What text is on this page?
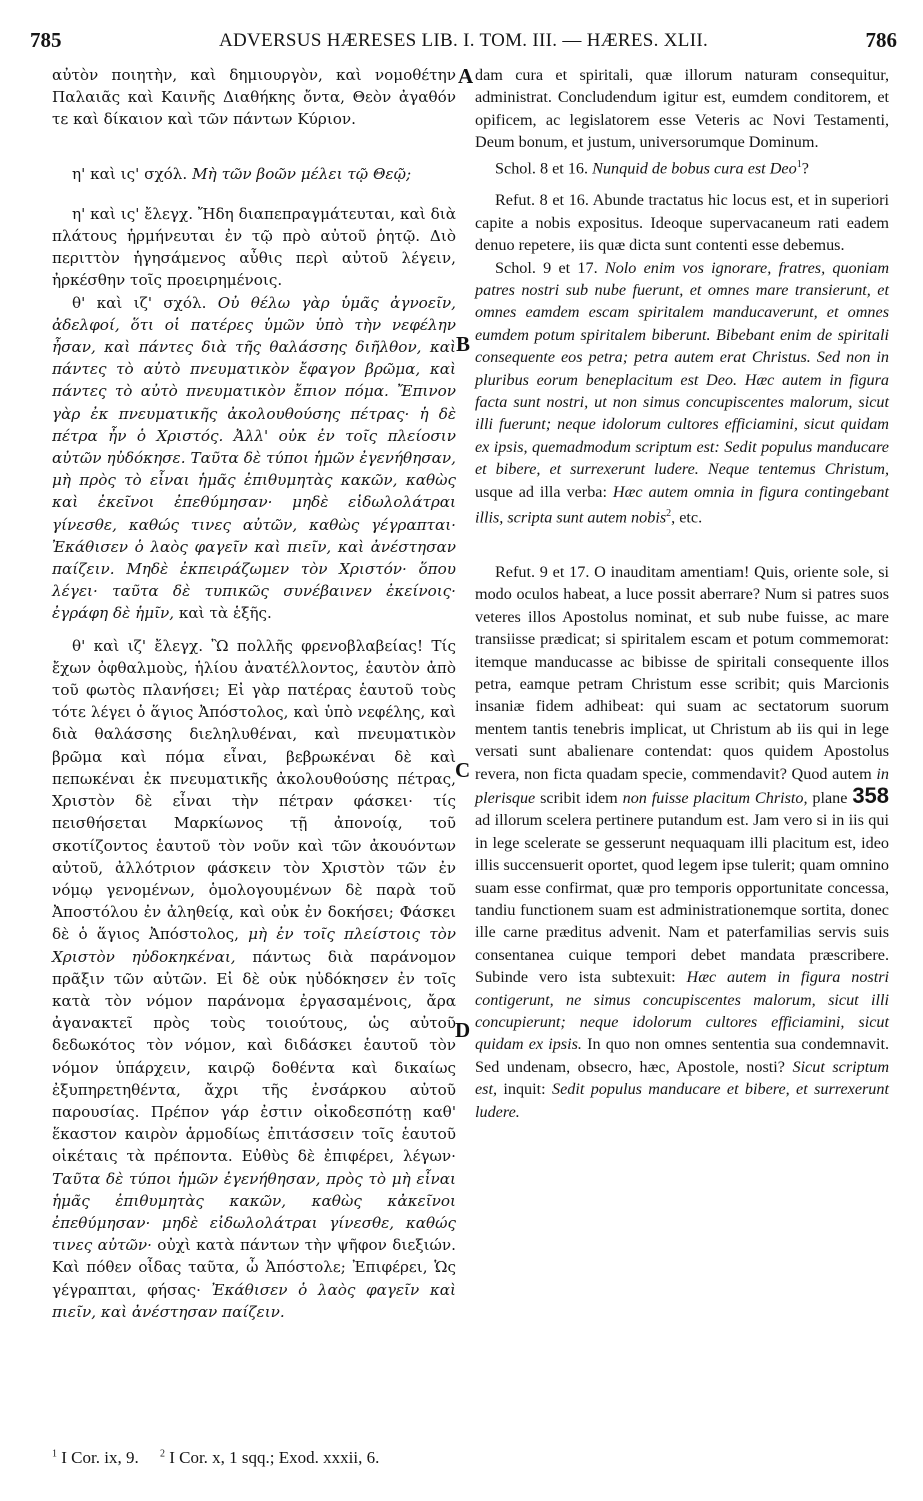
785	ADVERSUS HÆRESES LIB. I. TOM. III. — HÆRES. XLII.	786
A
B
C
D

αὐτὸν ποιητὴν, καὶ δημιουργὸν, καὶ νομοθέτην Παλαιᾶς καὶ Καινῆς Διαθήκης ὄντα, Θεὸν ἀγαθόν τε καὶ δίκαιον καὶ τῶν πάντων Κύριον.

η' καὶ ις' σχόλ. Μὴ τῶν βοῶν μέλει τῷ Θεῷ;

η' καὶ ις' ἔλεγχ. Ἤδη διαπεπραγμάτευται, καὶ διὰ πλάτους ἡρμήνευται ἐν τῷ πρὸ αὐτοῦ ῥητῷ. Διὸ περιττὸν ἡγησάμενος αὖθις περὶ αὐτοῦ λέγειν, ἠρκέσθην τοῖς προειρημένοις.

θ' καὶ ιζ' σχόλ. Οὐ θέλω γὰρ ὑμᾶς ἀγνοεῖν, ἀδελφοί, ὅτι οἱ πατέρες ὑμῶν ὑπὸ τὴν νεφέλην ἦσαν, καὶ πάντες διὰ τῆς θαλάσσης διῆλθον, καὶ πάντες τὸ αὐτὸ πνευματικὸν ἔφαγον βρῶμα, καὶ πάντες τὸ αὐτὸ πνευματικὸν ἔπιον πόμα. Ἔπινον γὰρ ἐκ πνευματικῆς ἀκολουθούσης πέτρας· ἡ δὲ πέτρα ἦν ὁ Χριστός. Ἀλλ' οὐκ ἐν τοῖς πλείοσιν αὐτῶν ηὐδόκησε. Ταῦτα δὲ τύποι ἡμῶν ἐγενήθησαν, μὴ πρὸς τὸ εἶναι ἡμᾶς ἐπιθυμητὰς κακῶν, καθὼς καὶ ἐκεῖνοι ἐπεθύμησαν· μηδὲ εἰδωλολάτραι γίνεσθε, καθώς τινες αὐτῶν, καθὼς γέγραπται· Ἐκάθισεν ὁ λαὸς φαγεῖν καὶ πιεῖν, καὶ ἀνέστησαν παίζειν. Μηδὲ ἐκπειράζωμεν τὸν Χριστόν· ὅπου λέγει· ταῦτα δὲ τυπικῶς συνέβαινεν ἐκείνοις· ἐγράφη δὲ ἡμῖν, καὶ τὰ ἑξῆς.

θ' καὶ ιζ' ἔλεγχ. Ὢ πολλῆς φρενοβλαβείας! Τίς ἔχων ὀφθαλμοὺς, ἡλίου ἀνατέλλοντος, ἑαυτὸν ἀπὸ τοῦ φωτὸς πλανήσει; Εἰ γὰρ πατέρας ἑαυτοῦ τοὺς τότε λέγει ὁ ἅγιος Ἀπόστολος, καὶ ὑπὸ νεφέλης, καὶ διὰ θαλάσσης διεληλυθέναι, καὶ πνευματικὸν βρῶμα καὶ πόμα εἶναι, βεβρωκέναι δὲ καὶ πεπωκέναι ἐκ πνευματικῆς ἀκολουθούσης πέτρας, Χριστὸν δὲ εἶναι τὴν πέτραν φάσκει· τίς πεισθήσεται Μαρκίωνος τῇ ἀπονοίᾳ, τοῦ σκοτίζοντος ἑαυτοῦ τὸν νοῦν καὶ τῶν ἀκουόντων αὐτοῦ, ἀλλότριον φάσκειν τὸν Χριστὸν τῶν ἐν νόμῳ γενομένων, ὁμολογουμένων δὲ παρὰ τοῦ Ἀποστόλου ἐν ἀληθείᾳ, καὶ οὐκ ἐν δοκήσει; Φάσκει δὲ ὁ ἅγιος Ἀπόστολος, μὴ ἐν τοῖς πλείστοις τὸν Χριστὸν ηὐδοκηκέναι, πάντως διὰ παράνομον πρᾶξιν τῶν αὐτῶν. Εἰ δὲ οὐκ ηὐδόκησεν ἐν τοῖς κατὰ τὸν νόμον παράνομα ἐργασαμένοις, ἄρα ἀγανακτεῖ πρὸς τοὺς τοιούτους, ὡς αὐτοῦ δεδωκότος τὸν νόμον, καὶ διδάσκει ἑαυτοῦ τὸν νόμον ὑπάρχειν, καιρῷ δοθέντα καὶ δικαίως ἐξυπηρετηθέντα, ἄχρι τῆς ἐνσάρκου αὐτοῦ παρουσίας. Πρέπον γάρ ἐστιν οἰκοδεσπότῃ καθ' ἕκαστον καιρὸν ἁρμοδίως ἐπιτάσσειν τοῖς ἑαυτοῦ οἰκέταις τὰ πρέποντα. Εὐθὺς δὲ ἐπιφέρει, λέγων· Ταῦτα δὲ τύποι ἡμῶν ἐγενήθησαν, πρὸς τὸ μὴ εἶναι ἡμᾶς ἐπιθυμητὰς κακῶν, καθὼς κἀκεῖνοι ἐπεθύμησαν· μηδὲ εἰδωλολάτραι γίνεσθε, καθώς τινες αὐτῶν· οὐχὶ κατὰ πάντων τὴν ψῆφον διεξιών. Καὶ πόθεν οἶδας ταῦτα, ὦ Ἀπόστολε; Ἐπιφέρει, Ὡς γέγραπται, φήσας· Ἐκάθισεν ὁ λαὸς φαγεῖν καὶ πιεῖν, καὶ ἀνέστησαν παίζειν.

dam cura et spiritali, quæ illorum naturam consequitur, administrat. Concludendum igitur est, eumdem conditorem, et opificem, ac legislatorem esse Veteris ac Novi Testamenti, Deum bonum, et justum, universorumque Dominum.

Schol. 8 et 16. Nunquid de bobus cura est Deo$^1$?

Refut. 8 et 16. Abunde tractatus hic locus est, et in superiori capite a nobis expositus. Ideoque supervacaneum rati eadem denuo repetere, iis quæ dicta sunt contenti esse debemus.

Schol. 9 et 17. Nolo enim vos ignorare, fratres, quoniam patres nostri sub nube fuerunt, et omnes mare transierunt, et omnes eamdem escam spiritalem manducaverunt, et omnes eumdem potum spiritalem biberunt. Bibebant enim de spiritali consequente eos petra; petra autem erat Christus. Sed non in pluribus eorum beneplacitum est Deo. Hæc autem in figura facta sunt nostri, ut non simus concupiscentes malorum, sicut illi fuerunt; neque idolorum cultores efficiamini, sicut quidam ex ipsis, quemadmodum scriptum est: Sedit populus manducare et bibere, et surrexerunt ludere. Neque tentemus Christum, usque ad illa verba: Hæc autem omnia in figura contingebant illis, scripta sunt autem nobis$^2$, etc.

Refut. 9 et 17. O inauditam amentiam! Quis, oriente sole, si modo oculos habeat, a luce possit aberrare? Num si patres suos veteres illos Apostolus nominat, et sub nube fuisse, ac mare transiisse prædicat; si spiritalem escam et potum commemorat: itemque manducasse ac bibisse de spiritali consequente illos petra, eamque petram Christum esse scribit; quis Marcionis insaniæ fidem adhibeat: qui suam ac sectatorum suorum mentem tantis tenebris implicat, ut Christum ab iis qui in lege versati sunt abalienare contendat: quos quidem Apostolus revera, non ficta quadam specie, commendavit? Quod autem in plerisque scribit idem non fuisse placitum Christo, plane 358 ad illorum scelera pertinere putandum est. Jam vero si in iis qui in lege scelerate se gesserunt nequaquam illi placitum est, ideo illis succensuerit oportet, quod legem ipse tulerit; quam omnino suam esse confirmat, quæ pro temporis opportunitate concessa, tandiu functionem suam est administrationemque sortita, donec ille carne præditus advenit. Nam et paterfamilias servis suis consentanea cuique tempori debet mandata præscribere. Subinde vero ista subtexuit: Hæc autem in figura nostri contigerunt, ne simus concupiscentes malorum, sicut illi concupierunt; neque idolorum cultores efficiamini, sicut quidam ex ipsis. In quo non omnes sententia sua condemnavit. Sed undenam, obsecro, hæc, Apostole, nosti? Sicut scriptum est, inquit: Sedit populus manducare et bibere, et surrexerunt ludere.

$^1$ I Cor. ix, 9. $^2$ I Cor. x, 1 sqq.; Exod. xxxii, 6.
